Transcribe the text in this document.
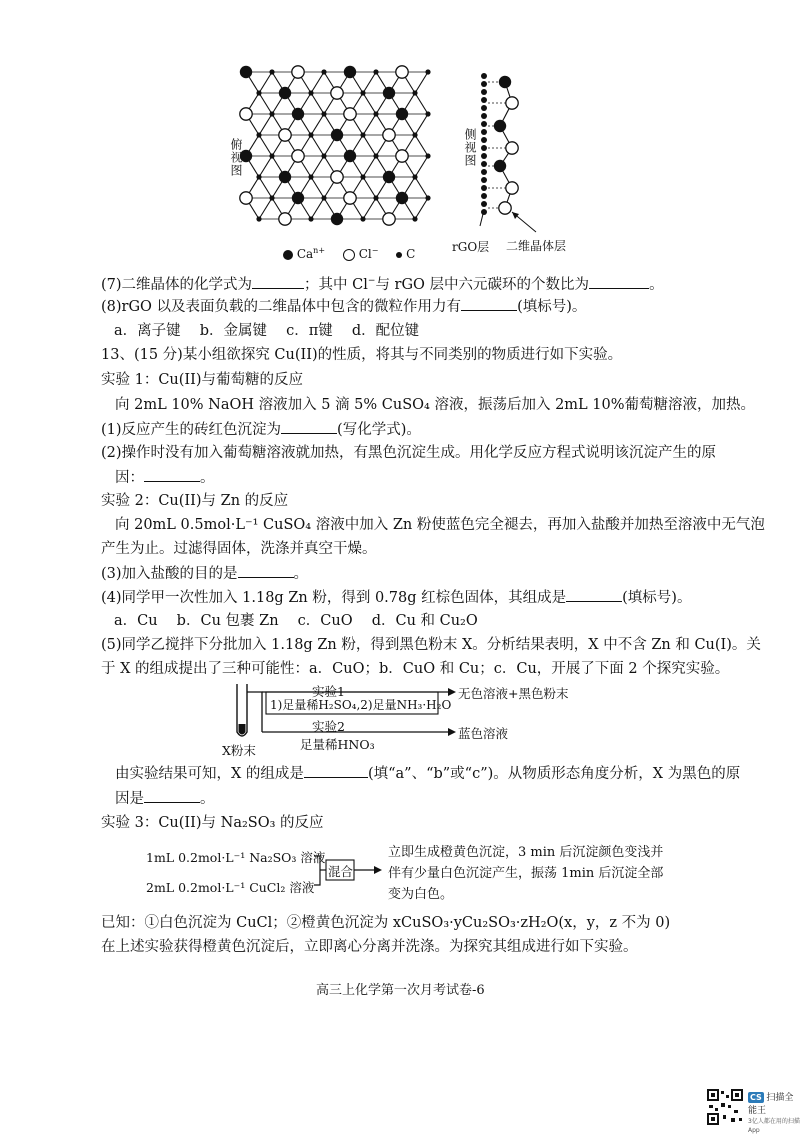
俯视图	侧视图
rGO层 二维晶体层
$Ca^{n+}$	Cl− C
(7)二维晶体的化学式为	；其中 Cl−与 rGO 层中六元碳环的个数比为	。
(8)rGO 以及表面负载的二维晶体中包含的微粒作用力有	(填标号)。
a．离子键　 b．金属键　 c．π键　 d．配位键
13、(15 分)某小组欲探究 Cu(II)的性质，将其与不同类别的物质进行如下实验。
实验 1：Cu(II)与葡萄糖的反应
向 2mL 10% NaOH 溶液加入 5 滴 5% CuSO₄ 溶液，振荡后加入 2mL 10%葡萄糖溶液，加热。
(1)反应产生的砖红色沉淀为	(写化学式)。
(2)操作时没有加入葡萄糖溶液就加热，有黑色沉淀生成。用化学反应方程式说明该沉淀产生的原
因：	。
实验 2：Cu(II)与 Zn 的反应
向 20mL 0.5mol·L⁻¹ CuSO₄ 溶液中加入 Zn 粉使蓝色完全褪去，再加入盐酸并加热至溶液中无气泡
产生为止。过滤得固体，洗涤并真空干燥。
(3)加入盐酸的目的是	。
(4)同学甲一次性加入 1.18g Zn 粉，得到 0.78g 红棕色固体，其组成是	(填标号)。
a．Cu　 b．Cu 包裹 Zn　 c．CuO　 d．Cu 和 Cu₂O
(5)同学乙搅拌下分批加入 1.18g Zn 粉，得到黑色粉末 X。分析结果表明，X 中不含 Zn 和 Cu(I)。关
于 X 的组成提出了三种可能性：a．CuO；b．CuO 和 Cu；c．Cu，开展了下面 2 个探究实验。
实验1
1)足量稀H₂SO₄,2)足量NH₃·H₂O
无色溶液+黑色粉末
实验2
足量稀HNO₃
蓝色溶液
X粉末
由实验结果可知，X 的组成是	(填“a”、“b”或“c”)。从物质形态角度分析，X 为黑色的原
因是	。
实验 3：Cu(II)与 Na₂SO₃ 的反应
1mL 0.2mol·L⁻¹ Na₂SO₃ 溶液
2mL 0.2mol·L⁻¹ CuCl₂ 溶液
混合
立即生成橙黄色沉淀，3 min 后沉淀颜色变浅并
伴有少量白色沉淀产生，振荡 1min 后沉淀全部
变为白色。
已知：①白色沉淀为 CuCl；②橙黄色沉淀为 xCuSO₃·yCu₂SO₃·zH₂O(x，y，z 不为 0)
在上述实验获得橙黄色沉淀后，立即离心分离并洗涤。为探究其组成进行如下实验。
高三上化学第一次月考试卷-6
CS 扫描全能王
3亿人都在用的扫描App
